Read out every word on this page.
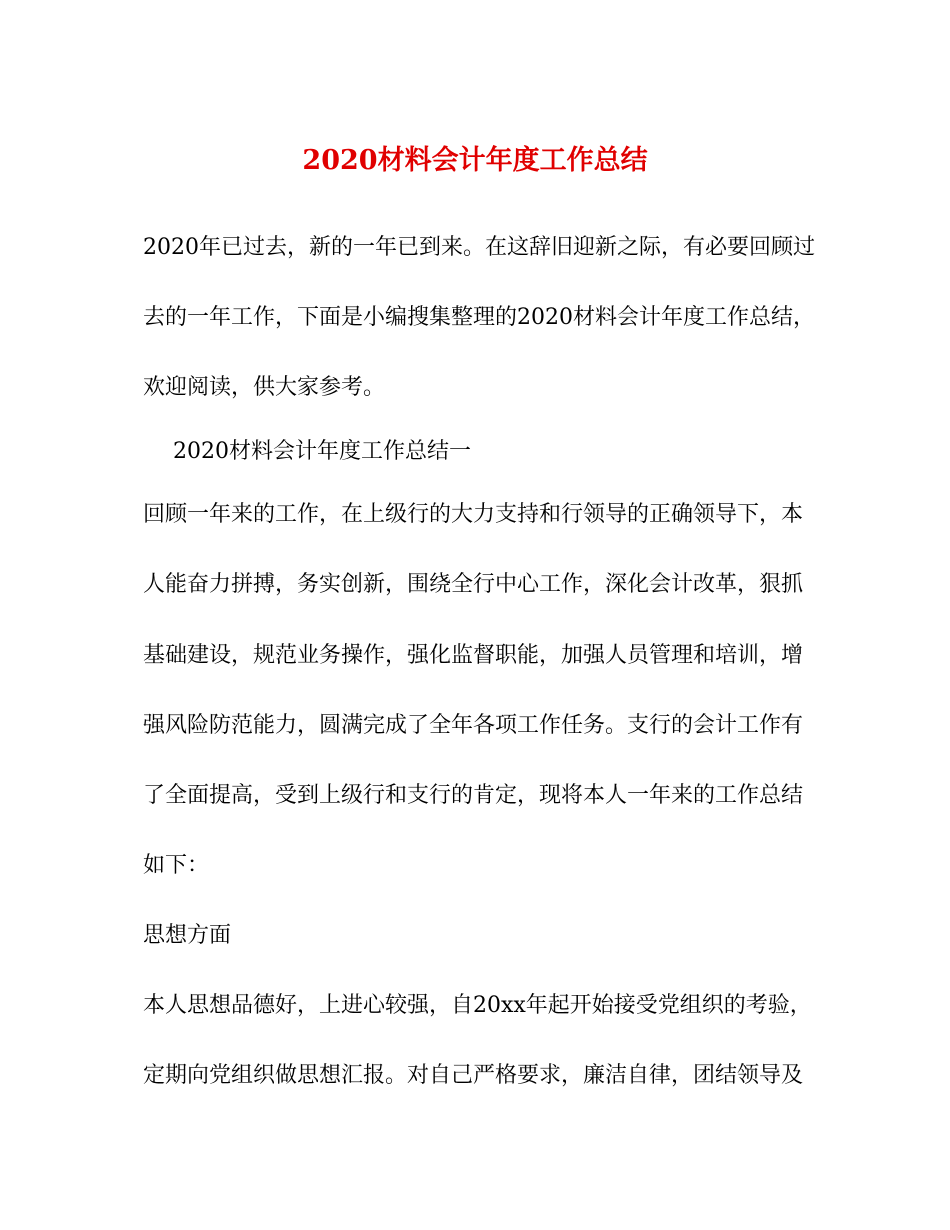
2020材料会计年度工作总结
2020年已过去，新的一年已到来。在这辞旧迎新之际，有必要回顾过
去的一年工作，下面是小编搜集整理的2020材料会计年度工作总结，
欢迎阅读，供大家参考。
2020材料会计年度工作总结一
回顾一年来的工作，在上级行的大力支持和行领导的正确领导下，本
人能奋力拼搏，务实创新，围绕全行中心工作，深化会计改革，狠抓
基础建设，规范业务操作，强化监督职能，加强人员管理和培训，增
强风险防范能力，圆满完成了全年各项工作任务。支行的会计工作有
了全面提高，受到上级行和支行的肯定，现将本人一年来的工作总结
如下：
思想方面
本人思想品德好，上进心较强，自20xx年起开始接受党组织的考验，
定期向党组织做思想汇报。对自己严格要求，廉洁自律，团结领导及
